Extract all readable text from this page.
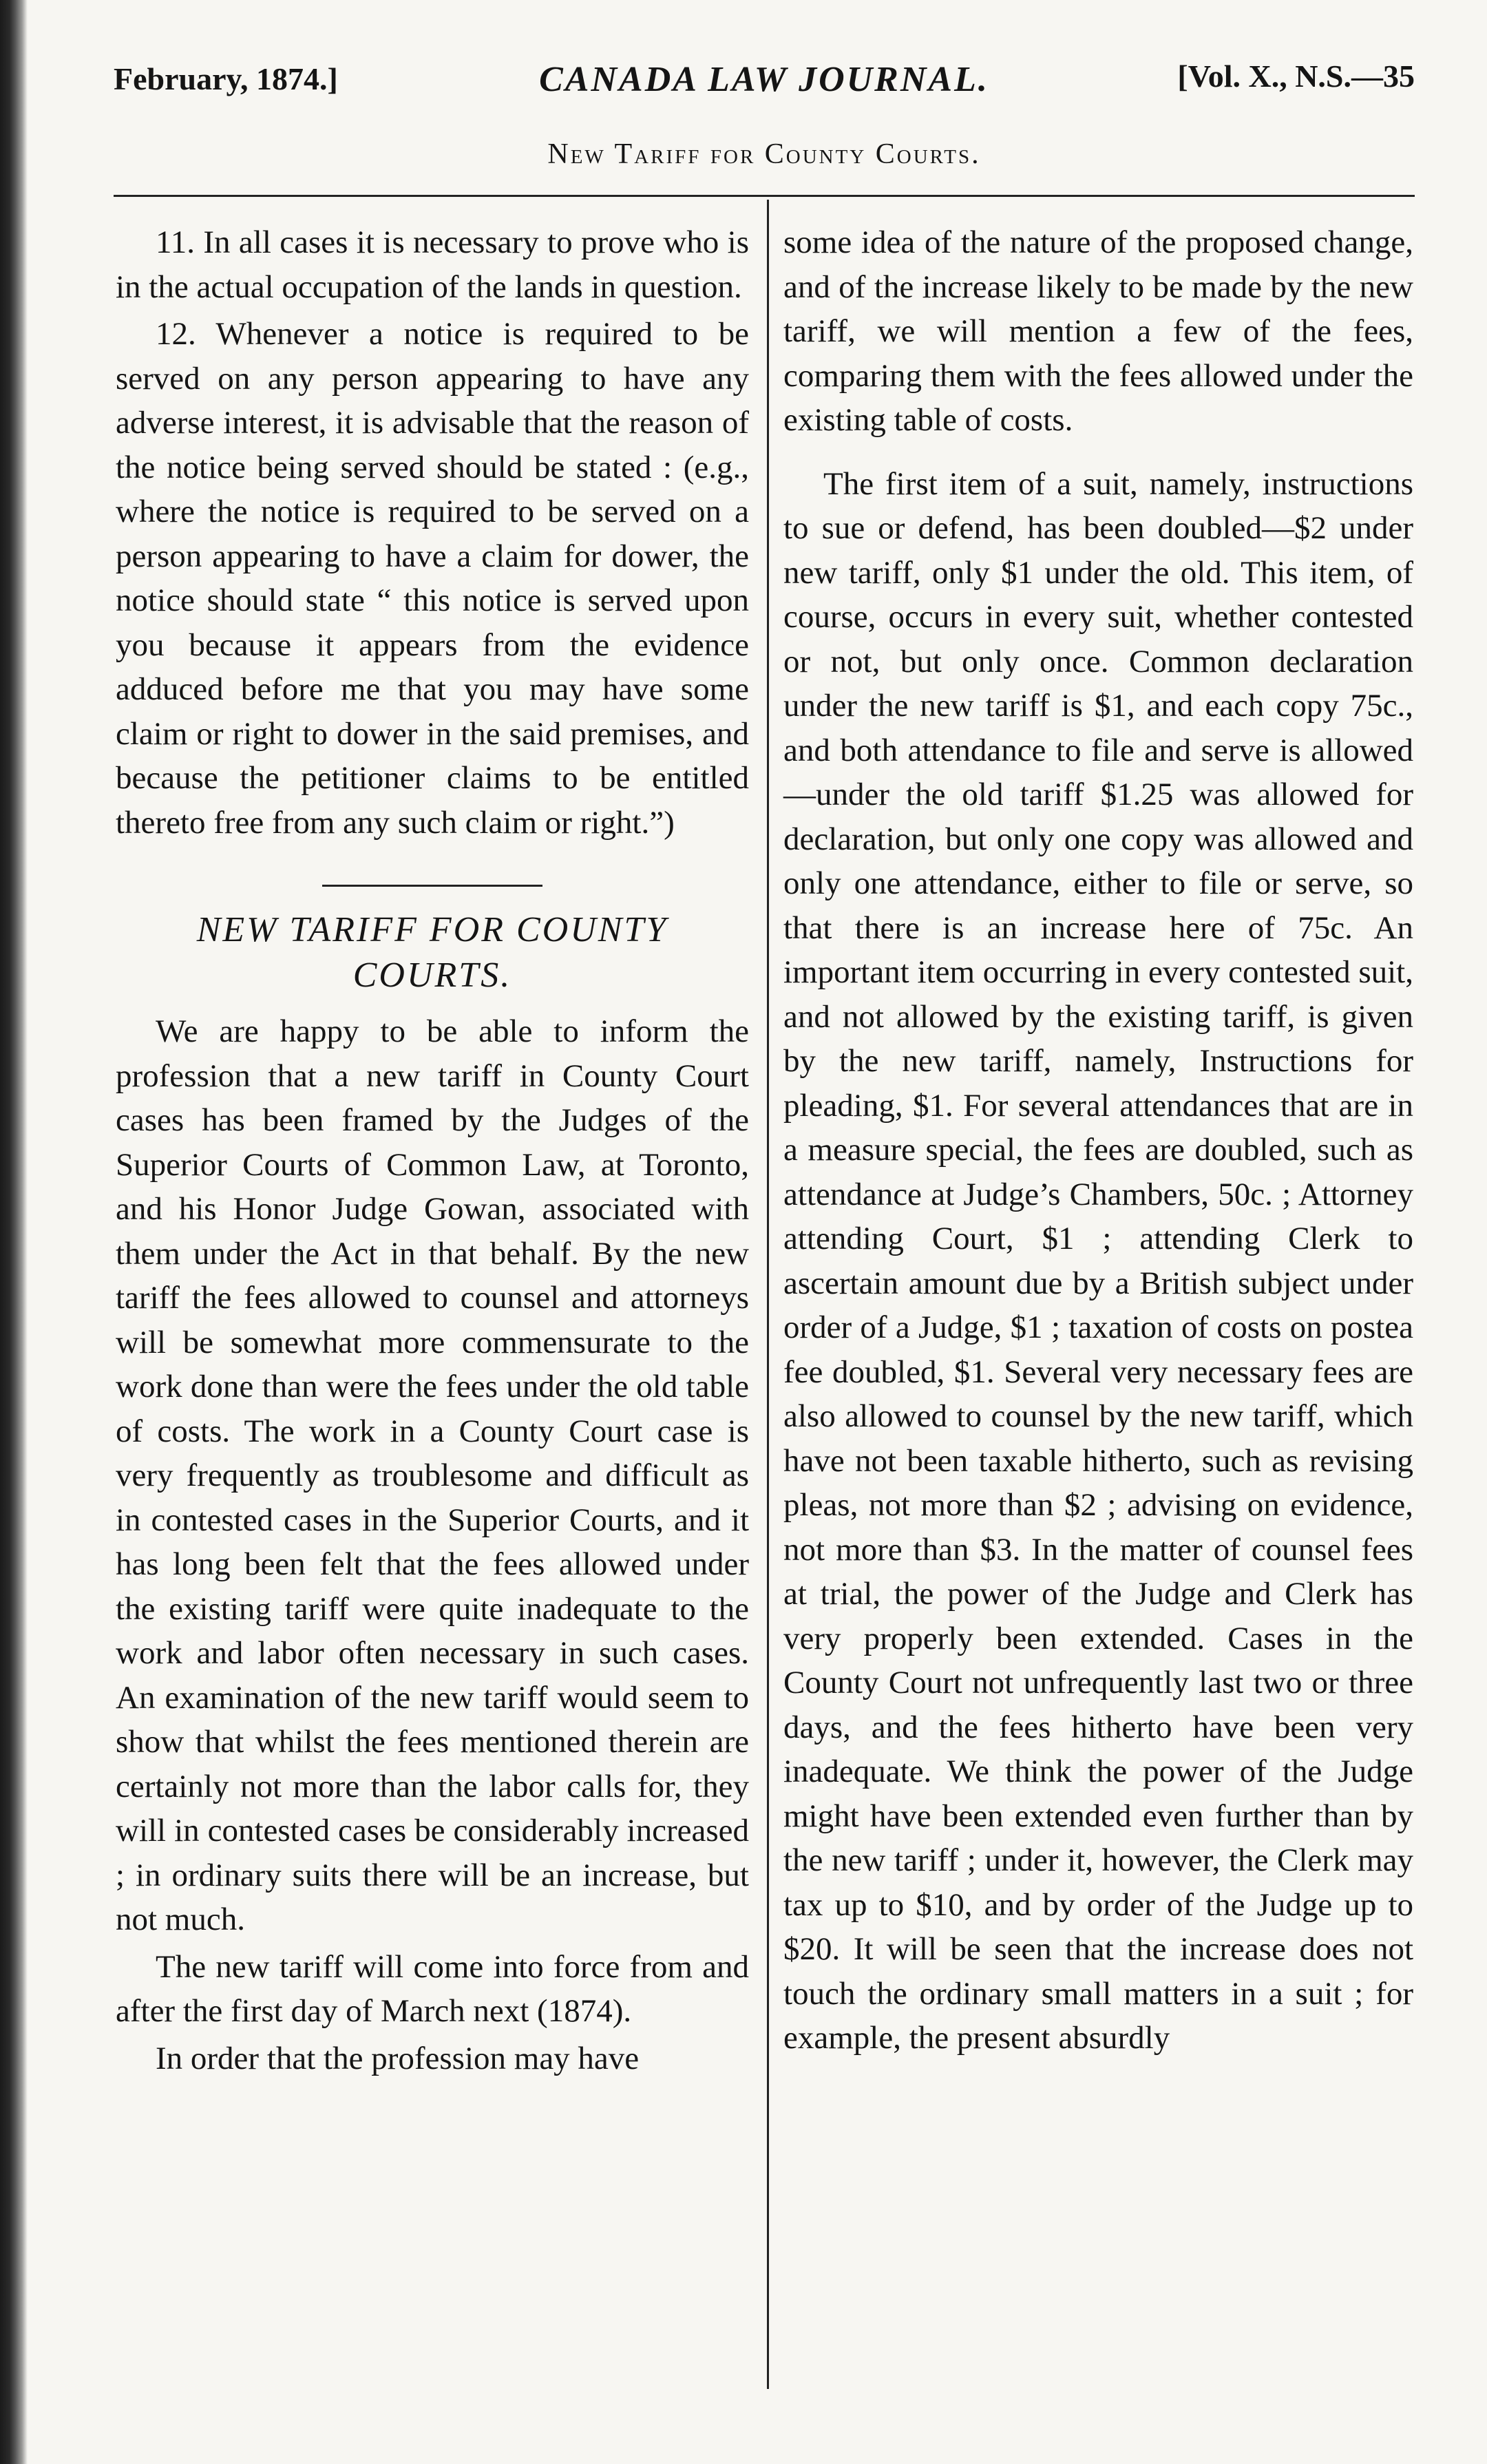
February, 1874.]	CANADA LAW JOURNAL.	[Vol. X., N.S.—35
New Tariff for County Courts.

11. In all cases it is necessary to prove who is in the actual occupation of the lands in question.

12. Whenever a notice is required to be served on any person appearing to have any adverse interest, it is advisable that the reason of the notice being served should be stated : (e.g., where the notice is required to be served on a person appearing to have a claim for dower, the notice should state “ this notice is served upon you because it appears from the evidence adduced before me that you may have some claim or right to dower in the said premises, and because the petitioner claims to be entitled thereto free from any such claim or right.”)

NEW TARIFF FOR COUNTY
COURTS.

We are happy to be able to inform the profession that a new tariff in County Court cases has been framed by the Judges of the Superior Courts of Common Law, at Toronto, and his Honor Judge Gowan, associated with them under the Act in that behalf. By the new tariff the fees allowed to counsel and attorneys will be somewhat more commensurate to the work done than were the fees under the old table of costs. The work in a County Court case is very frequently as troublesome and difficult as in contested cases in the Superior Courts, and it has long been felt that the fees allowed under the existing tariff were quite inadequate to the work and labor often necessary in such cases. An examination of the new tariff would seem to show that whilst the fees mentioned therein are certainly not more than the labor calls for, they will in contested cases be considerably increased ; in ordinary suits there will be an increase, but not much.

The new tariff will come into force from and after the first day of March next (1874).

In order that the profession may have

some idea of the nature of the proposed change, and of the increase likely to be made by the new tariff, we will mention a few of the fees, comparing them with the fees allowed under the existing table of costs.

The first item of a suit, namely, instructions to sue or defend, has been doubled—$2 under new tariff, only $1 under the old. This item, of course, occurs in every suit, whether contested or not, but only once. Common declaration under the new tariff is $1, and each copy 75c., and both attendance to file and serve is allowed—under the old tariff $1.25 was allowed for declaration, but only one copy was allowed and only one attendance, either to file or serve, so that there is an increase here of 75c. An important item occurring in every contested suit, and not allowed by the existing tariff, is given by the new tariff, namely, Instructions for pleading, $1. For several attendances that are in a measure special, the fees are doubled, such as attendance at Judge’s Chambers, 50c. ; Attorney attending Court, $1 ; attending Clerk to ascertain amount due by a British subject under order of a Judge, $1 ; taxation of costs on postea fee doubled, $1. Several very necessary fees are also allowed to counsel by the new tariff, which have not been taxable hitherto, such as revising pleas, not more than $2 ; advising on evidence, not more than $3. In the matter of counsel fees at trial, the power of the Judge and Clerk has very properly been extended. Cases in the County Court not unfrequently last two or three days, and the fees hitherto have been very inadequate. We think the power of the Judge might have been extended even further than by the new tariff ; under it, however, the Clerk may tax up to $10, and by order of the Judge up to $20. It will be seen that the increase does not touch the ordinary small matters in a suit ; for example, the present absurdly
